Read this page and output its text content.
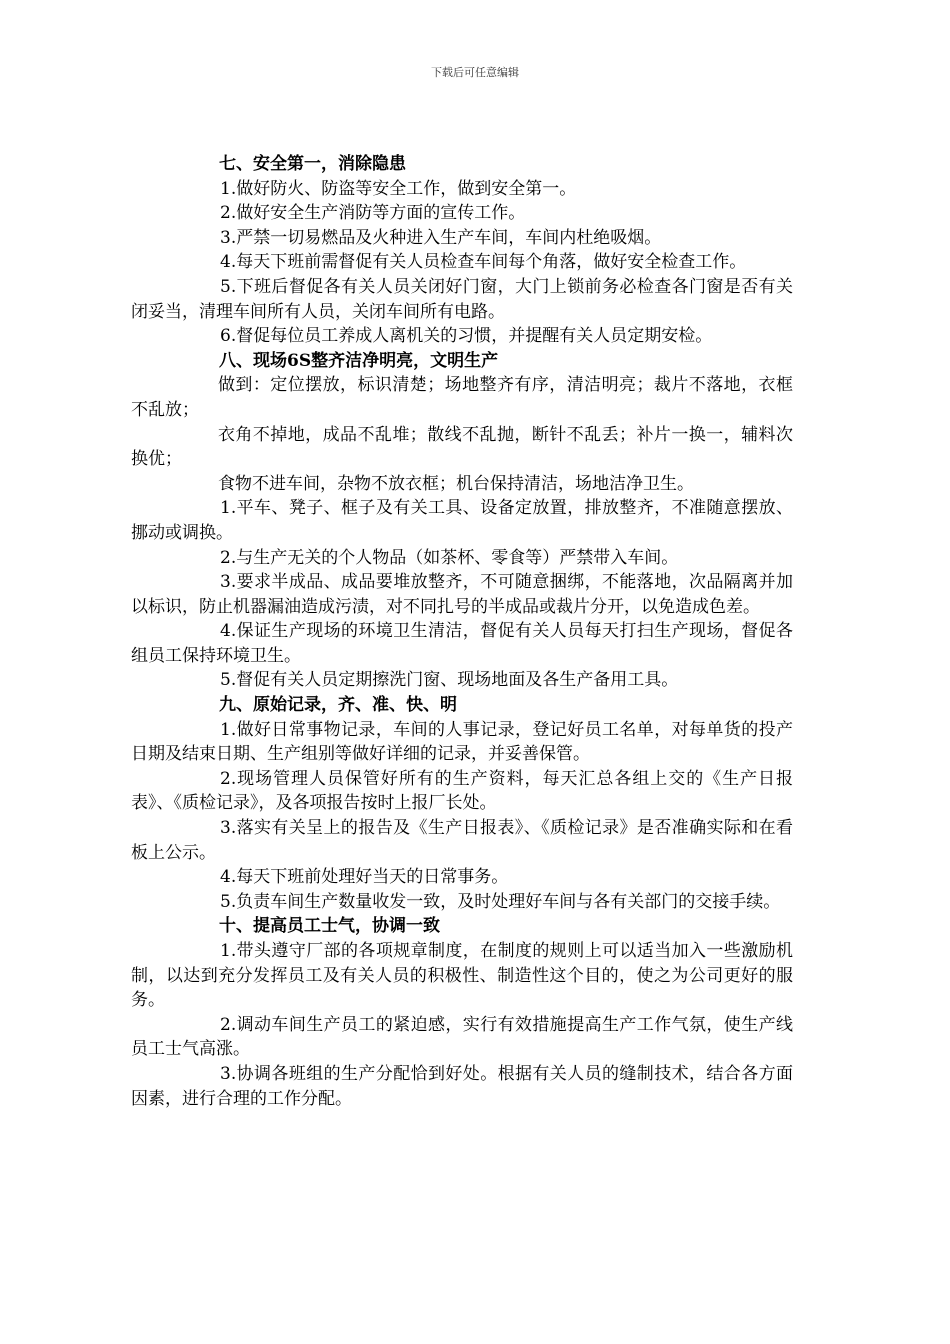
下载后可任意编辑
七、安全第一，消除隐患
1.做好防火、防盗等安全工作，做到安全第一。
2.做好安全生产消防等方面的宣传工作。
3.严禁一切易燃品及火种进入生产车间，车间内杜绝吸烟。
4.每天下班前需督促有关人员检查车间每个角落，做好安全检查工作。
5.下班后督促各有关人员关闭好门窗，大门上锁前务必检查各门窗是否有关闭妥当，清理车间所有人员，关闭车间所有电路。
6.督促每位员工养成人离机关的习惯，并提醒有关人员定期安检。
八、现场6S整齐洁净明亮，文明生产
做到：定位摆放，标识清楚；场地整齐有序，清洁明亮；裁片不落地，衣框不乱放；
衣角不掉地，成品不乱堆；散线不乱抛，断针不乱丢；补片一换一，辅料次换优；
食物不进车间，杂物不放衣框；机台保持清洁，场地洁净卫生。
1.平车、凳子、框子及有关工具、设备定放置，排放整齐，不准随意摆放、挪动或调换。
2.与生产无关的个人物品（如茶杯、零食等）严禁带入车间。
3.要求半成品、成品要堆放整齐，不可随意捆绑，不能落地，次品隔离并加以标识，防止机器漏油造成污渍，对不同扎号的半成品或裁片分开，以免造成色差。
4.保证生产现场的环境卫生清洁，督促有关人员每天打扫生产现场，督促各组员工保持环境卫生。
5.督促有关人员定期擦洗门窗、现场地面及各生产备用工具。
九、原始记录，齐、准、快、明
1.做好日常事物记录，车间的人事记录，登记好员工名单，对每单货的投产日期及结束日期、生产组别等做好详细的记录，并妥善保管。
2.现场管理人员保管好所有的生产资料，每天汇总各组上交的《生产日报表》、《质检记录》，及各项报告按时上报厂长处。
3.落实有关呈上的报告及《生产日报表》、《质检记录》是否准确实际和在看板上公示。
4.每天下班前处理好当天的日常事务。
5.负责车间生产数量收发一致，及时处理好车间与各有关部门的交接手续。
十、提高员工士气，协调一致
1.带头遵守厂部的各项规章制度，在制度的规则上可以适当加入一些激励机制，以达到充分发挥员工及有关人员的积极性、制造性这个目的，使之为公司更好的服务。
2.调动车间生产员工的紧迫感，实行有效措施提高生产工作气氛，使生产线员工士气高涨。
3.协调各班组的生产分配恰到好处。根据有关人员的缝制技术，结合各方面因素，进行合理的工作分配。
